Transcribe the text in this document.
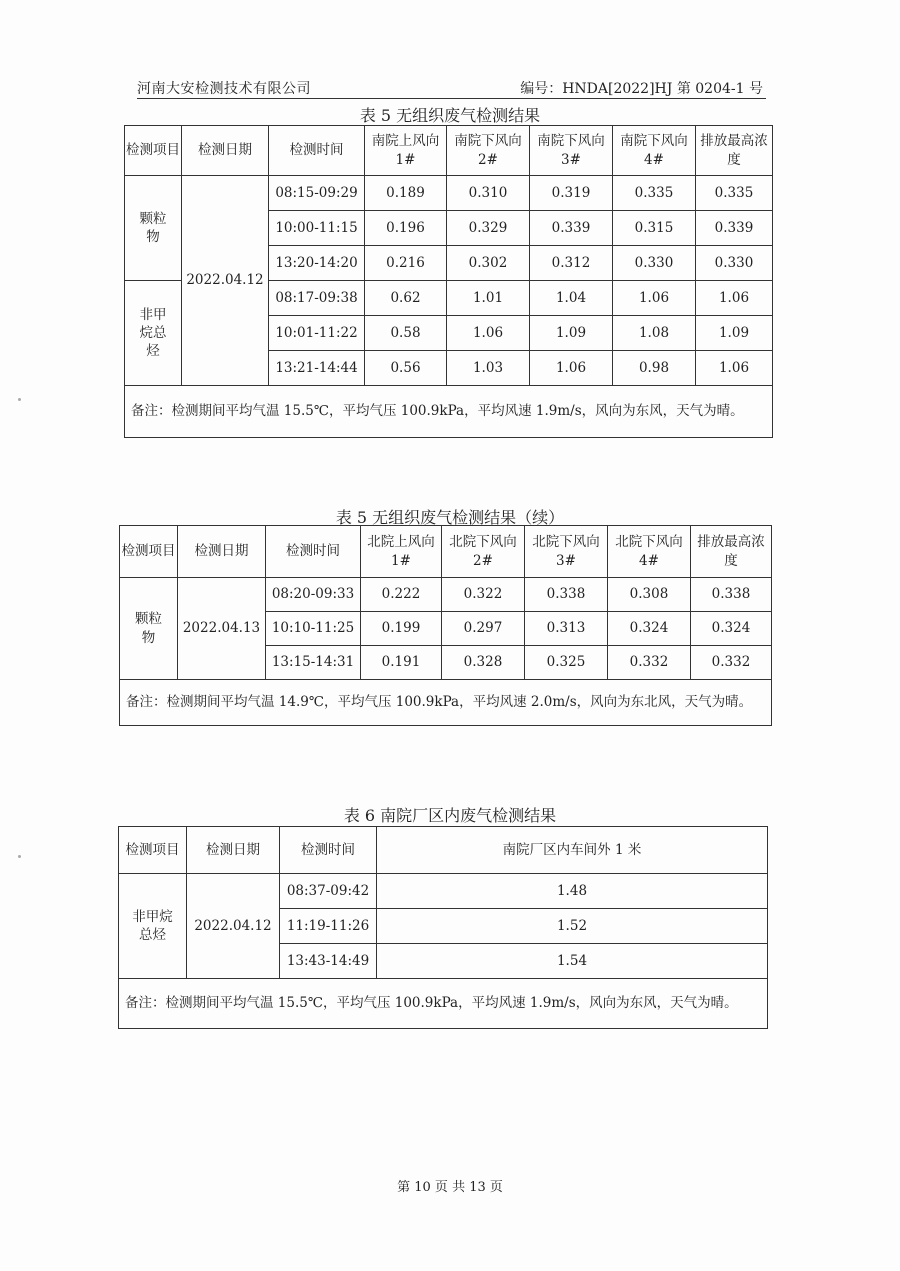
河南大安检测技术有限公司	编号：HNDA[2022]HJ 第 0204-1 号
表 5 无组织废气检测结果
检测项目	检测日期	检测时间	南院上风向 1#	南院下风向 2#	南院下风向 3#	南院下风向 4#	排放最高浓度
颗粒物	2022.04.12	08:15-09:29	0.189	0.310	0.319	0.335	0.335
		10:00-11:15	0.196	0.329	0.339	0.315	0.339
		13:20-14:20	0.216	0.302	0.312	0.330	0.330
非甲烷总烃		08:17-09:38	0.62	1.01	1.04	1.06	1.06
		10:01-11:22	0.58	1.06	1.09	1.08	1.09
		13:21-14:44	0.56	1.03	1.06	0.98	1.06
备注：检测期间平均气温 15.5℃，平均气压 100.9kPa，平均风速 1.9m/s，风向为东风，天气为晴。							
表 5 无组织废气检测结果（续）
检测项目	检测日期	检测时间	北院上风向 1#	北院下风向 2#	北院下风向 3#	北院下风向 4#	排放最高浓度
颗粒物	2022.04.13	08:20-09:33	0.222	0.322	0.338	0.308	0.338
		10:10-11:25	0.199	0.297	0.313	0.324	0.324
		13:15-14:31	0.191	0.328	0.325	0.332	0.332
备注：检测期间平均气温 14.9℃，平均气压 100.9kPa，平均风速 2.0m/s，风向为东北风，天气为晴。							
表 6 南院厂区内废气检测结果
检测项目	检测日期	检测时间	南院厂区内车间外 1 米
非甲烷总烃	2022.04.12	08:37-09:42	1.48
		11:19-11:26	1.52
		13:43-14:49	1.54
备注：检测期间平均气温 15.5℃，平均气压 100.9kPa，平均风速 1.9m/s，风向为东风，天气为晴。			
第 10 页 共 13 页
